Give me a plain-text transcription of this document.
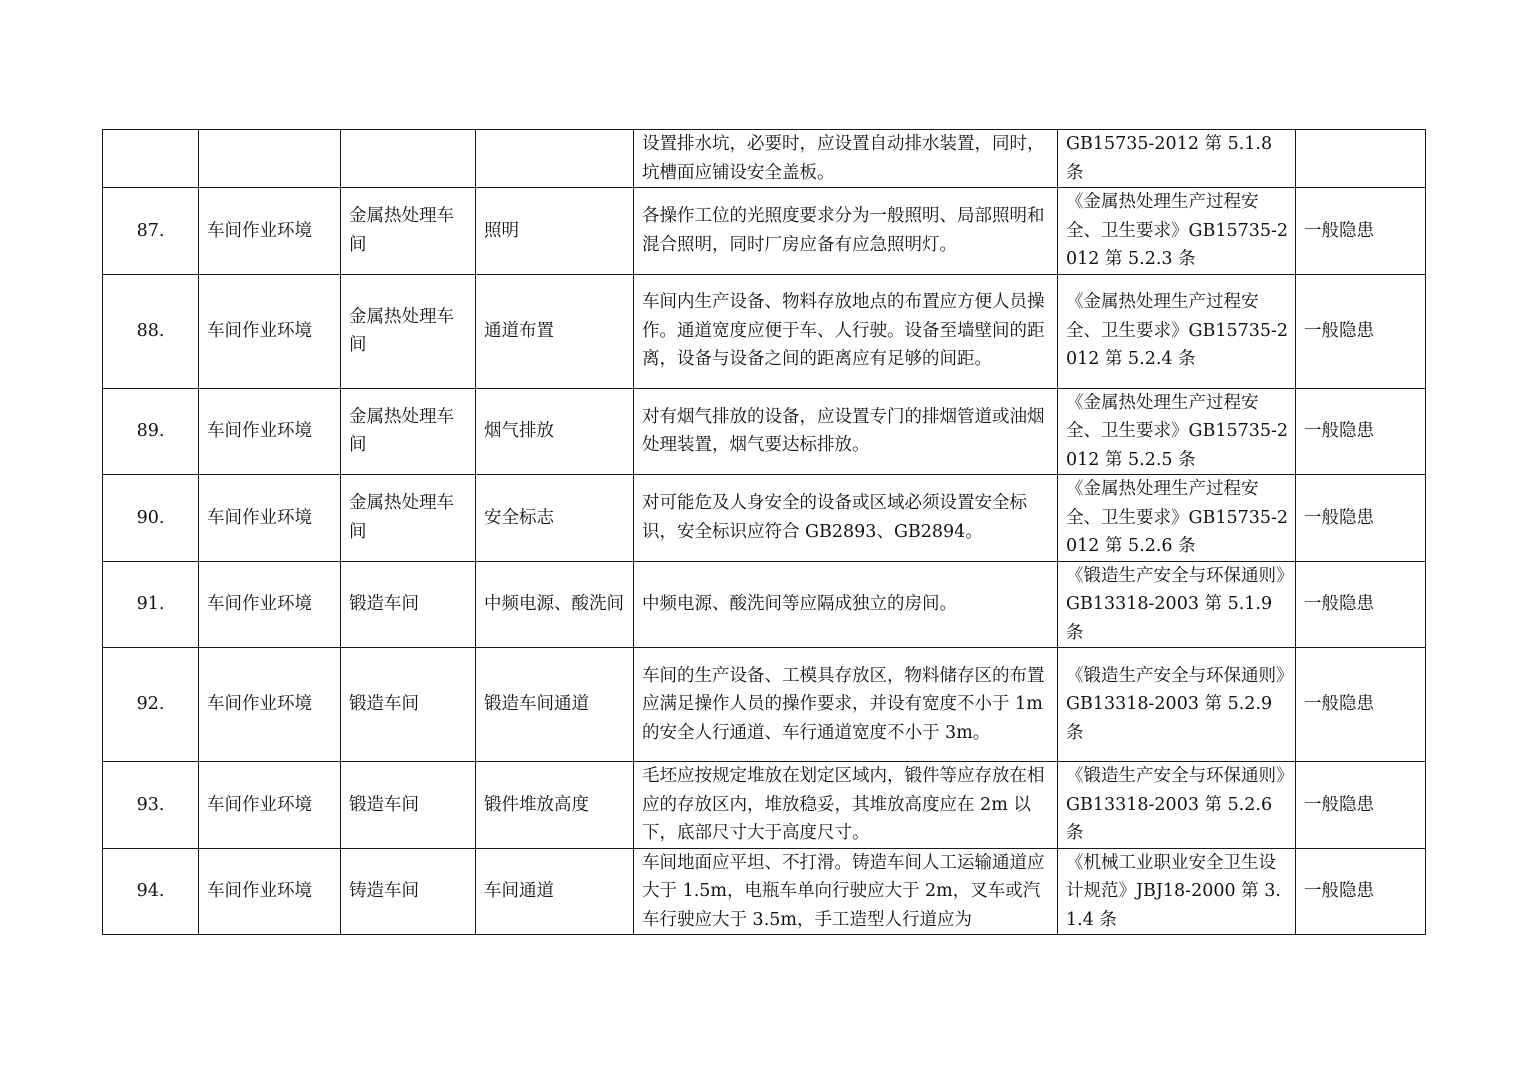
				设置排水坑，必要时，应设置自动排水装置，同时，坑槽面应铺设安全盖板。	GB15735-2012 第 5.1.8 条	
87.	车间作业环境	金属热处理车间	照明	各操作工位的光照度要求分为一般照明、局部照明和混合照明，同时厂房应备有应急照明灯。	《金属热处理生产过程安全、卫生要求》GB15735-2012 第 5.2.3 条	一般隐患
88.	车间作业环境	金属热处理车间	通道布置	车间内生产设备、物料存放地点的布置应方便人员操作。通道宽度应便于车、人行驶。设备至墙壁间的距离，设备与设备之间的距离应有足够的间距。	《金属热处理生产过程安全、卫生要求》GB15735-2012 第 5.2.4 条	一般隐患
89.	车间作业环境	金属热处理车间	烟气排放	对有烟气排放的设备，应设置专门的排烟管道或油烟处理装置，烟气要达标排放。	《金属热处理生产过程安全、卫生要求》GB15735-2012 第 5.2.5 条	一般隐患
90.	车间作业环境	金属热处理车间	安全标志	对可能危及人身安全的设备或区域必须设置安全标识，安全标识应符合 GB2893、GB2894。	《金属热处理生产过程安全、卫生要求》GB15735-2012 第 5.2.6 条	一般隐患
91.	车间作业环境	锻造车间	中频电源、酸洗间	中频电源、酸洗间等应隔成独立的房间。	《锻造生产安全与环保通则》GB13318-2003 第 5.1.9 条	一般隐患
92.	车间作业环境	锻造车间	锻造车间通道	车间的生产设备、工模具存放区，物料储存区的布置应满足操作人员的操作要求，并设有宽度不小于 1m 的安全人行通道、车行通道宽度不小于 3m。	《锻造生产安全与环保通则》GB13318-2003 第 5.2.9 条	一般隐患
93.	车间作业环境	锻造车间	锻件堆放高度	毛坯应按规定堆放在划定区域内，锻件等应存放在相应的存放区内，堆放稳妥，其堆放高度应在 2m 以下，底部尺寸大于高度尺寸。	《锻造生产安全与环保通则》GB13318-2003 第 5.2.6 条	一般隐患
94.	车间作业环境	铸造车间	车间通道	车间地面应平坦、不打滑。铸造车间人工运输通道应大于 1.5m，电瓶车单向行驶应大于 2m，叉车或汽车行驶应大于 3.5m，手工造型人行道应为	《机械工业职业安全卫生设计规范》JBJ18-2000 第 3.1.4 条	一般隐患
